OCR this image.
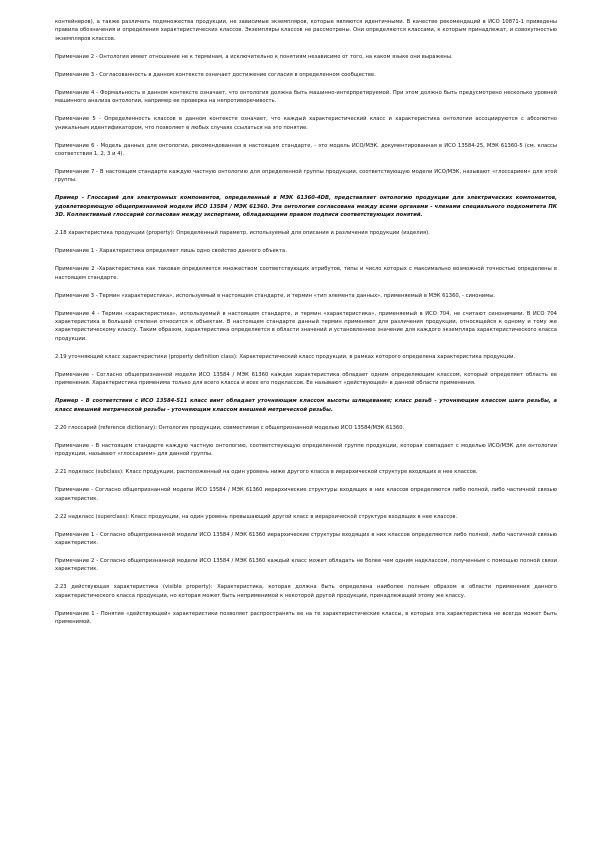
контейнеров), а также различать подмножества продукции, не зависимые экземпляров, которые являются идентичными. В качестве рекомендаций в ИСО 10871-1 приведены правила обозначения и определения характеристических классов. Экземпляры классов не рассмотрены. Они определяются классами, к которым принадлежат, и совокупностью экземпляров классов.

Примечание 2 - Онтология имеет отношение не к терминам, а исключительно к понятиям независимо от того, на каком языке они выражены.

Примечание 3 - Согласованность в данном контексте означает достижение согласия в определенном сообществе.

Примечание 4 - Формальность в данном контексте означает, что онтология должна быть машинно-интерпретируемой. При этом должно быть предусмотрено несколько уровней машинного анализа онтологии, например ее проверка на непротиворечивость.

Примечание 5 - Определенность классов в данном контексте означает, что каждый характеристический класс и характеристика онтологии ассоциируются с абсолютно уникальным идентификатором, что позволяет в любых случаях ссылаться на это понятие.

Примечание 6 - Модель данных для онтологии, рекомендованная в настоящем стандарте, - это модель ИСО/МЭК, документированная в ИСО 13584-25, МЭК 61360-5 (см. классы соответствия 1, 2, 3 и 4).

Примечание 7 - В настоящем стандарте каждую частную онтологию для определенной группы продукции, соответствующую модели ИСО/МЭК, называют «глоссарием» для этой группы.

Пример - Глоссарий для электронных компонентов, определенный в МЭК 61360-4DB, представляет онтологию продукции для электрических компонентов, удовлетворяющую общепризнанной модели ИСО 13584 / МЭК 61360. Эта онтология согласована между всеми органами - членами специального подкомитета ПК 3D. Коллективный глоссарий согласован между экспертами, обладающими правом подписи соответствующих понятий.

2.18 характеристика продукции (property): Определенный параметр, используемый для описания и различения продукции (изделия).

Примечание 1 - Характеристика определяет лишь одно свойство данного объекта.

Примечание 2 -Характеристика как таковая определяется множеством соответствующих атрибутов, типы и число которых с максимально возможной точностью определены в настоящем стандарте.

Примечание 3 - Термин «характеристика», используемый в настоящем стандарте, и термин «тип элемента данных», применяемый в МЭК 61360, - синонимы.

Примечание 4 - Термин «характеристика», используемый в настоящем стандарте, и термин «характеристика», применяемый в ИСО 704, не считают синонимами. В ИСО 704 характеристика в большей степени относится к объектам. В настоящем стандарте данный термин применяют для различения продукции, относящейся к одному и тому же характеристическому классу. Таким образом, характеристика определяется в области значений и установленное значение для каждого экземпляра характеристического класса продукции.

2.19 уточняющий класс характеристики (property definition class): Характеристический класс продукции, в рамках которого определена характеристика продукции.

Примечание - Согласно общепризнанной модели ИСО 13584 / МЭК 61360 каждая характеристика обладает одним определяющим классом, который определяет область ее применения. Характеристика применима только для всего класса и всех его подклассов. Ее называют «действующей» в данной области применения.

Пример - В соответствии с ИСО 13584-511 класс винт обладает уточняющим классом высоты шлицевания; класс резьб - уточняющим классом шага резьбы, а класс внешний метрической резьбы - уточняющим классом внешней метрической резьбы.

2.20 глоссарий (reference dictionary): Онтология продукции, совместимая с общепризнанной моделью ИСО 13584/МЭК 61360.

Примечание - В настоящем стандарте каждую частную онтологию, соответствующую определенной группе продукции, которая совпадает с моделью ИСО/МЭК для онтологии продукции, называют «глоссарием» для данной группы.

2.21 подкласс (subclass): Класс продукции, расположенный на один уровень ниже другого класса в иерархической структуре входящих в нее классов.

Примечание - Согласно общепризнанной модели ИСО 13584 / МЭК 61360 иерархические структуры входящих в них классов определяются либо полной, либо частичной связью характеристик.

2.22 надкласс (superclass): Класс продукции, на один уровень превышающий другой класс в иерархической структуре входящих в нее классов.

Примечание 1 - Согласно общепризнанной модели ИСО 13584 / МЭК 61360 иерархические структуры входящих в них классов определяются либо полной, либо частичной связью характеристик.

Примечание 2 - Согласно общепризнанной модели ИСО 13584 / МЭК 61360 каждый класс может обладать не более чем одним надклассом, полученным с помощью полной связи характеристик.

2.23 действующая характеристика (visible property): Характеристика, которая должна быть определена наиболее полным образом в области применения данного характеристического класса продукции, но которая может быть неприменимой к некоторой другой продукции, принадлежащей этому же классу.

Примечание 1 - Понятие «действующей» характеристики позволяет распространять ее на те характеристические классы, в которых эта характеристика не всегда может быть применимой.
